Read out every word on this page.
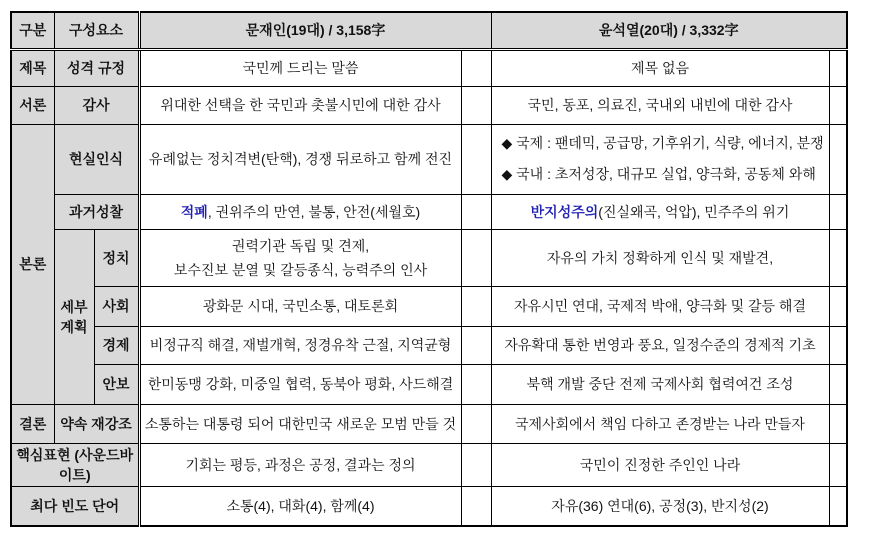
구분	구성요소		문재인(19대) / 3,158字		윤석열(20대) / 3,332字	
제목	성격 규정		국민께 드리는 말씀		제목 없음	
서론	감사		위대한 선택을 한 국민과 촛불시민에 대한 감사		국민, 동포, 의료진, 국내외 내빈에 대한 감사	
본론	현실인식		유례없는 정치격변(탄핵), 경쟁 뒤로하고 함께 전진		◆ 국제 : 팬데믹, 공급망, 기후위기, 식량, 에너지, 분쟁
◆ 국내 : 초저성장, 대규모 실업, 양극화, 공동체 와해	

	과거성찰		적폐, 권위주의 만연, 불통, 안전(세월호)		반지성주의(진실왜곡, 억압), 민주주의 위기	
	세부계획	정치	권력기관 독립 및 견제,
보수진보 분열 및 갈등종식, 능력주의 인사		자유의 가치 정확하게 인식 및 재발견,	
		사회	광화문 시대, 국민소통, 대토론회		자유시민 연대, 국제적 박애, 양극화 및 갈등 해결	
		경제	비정규직 해결, 재벌개혁, 정경유착 근절, 지역균형		자유확대 통한 번영과 풍요, 일정수준의 경제적 기초	
		안보	한미동맹 강화, 미중일 협력, 동북아 평화, 사드해결		북핵 개발 중단 전제 국제사회 협력여건 조성	
결론	약속 재강조		소통하는 대통령 되어 대한민국 새로운 모범 만들 것		국제사회에서 책임 다하고 존경받는 나라 만들자	
핵심표현 (사운드바이트)			기회는 평등, 과정은 공정, 결과는 정의		국민이 진정한 주인인 나라	
최다 빈도 단어			소통(4), 대화(4), 함께(4)		자유(36) 연대(6), 공정(3), 반지성(2)	
